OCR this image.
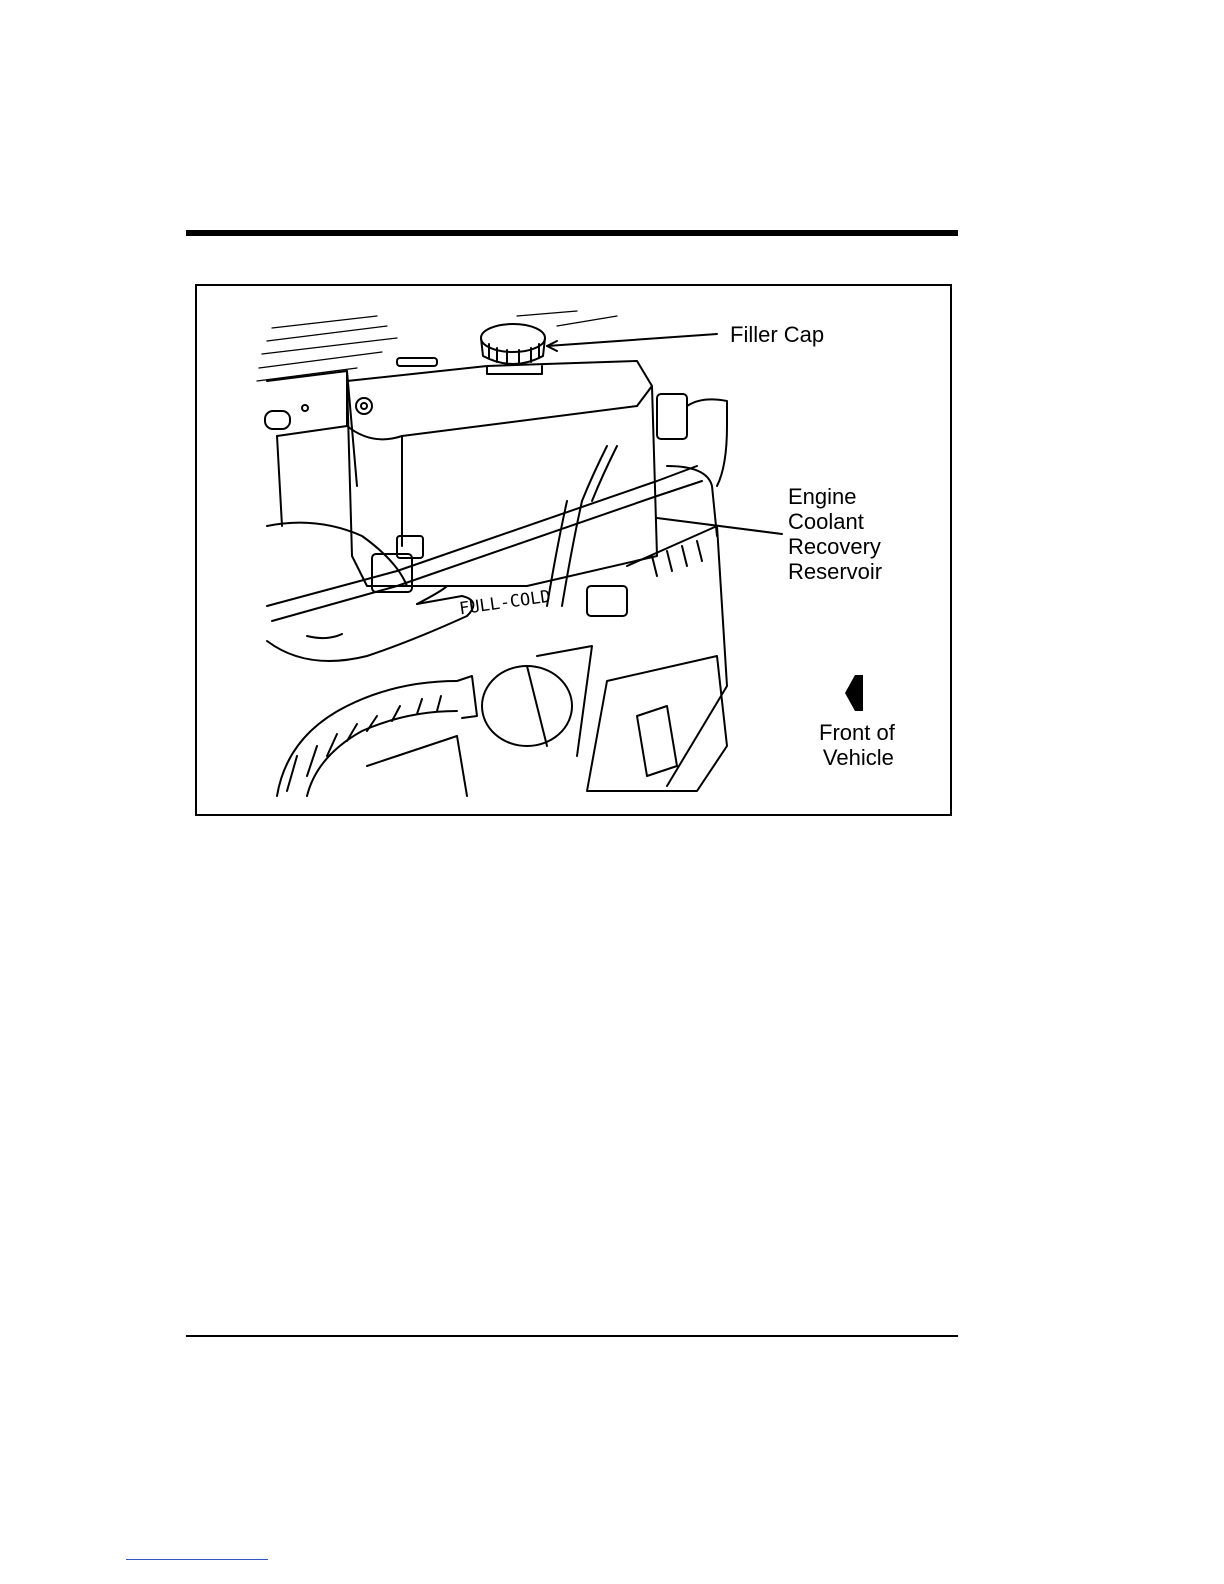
FULL-COLD
Filler Cap
Engine
Coolant
Recovery
Reservoir
Front of
Vehicle
